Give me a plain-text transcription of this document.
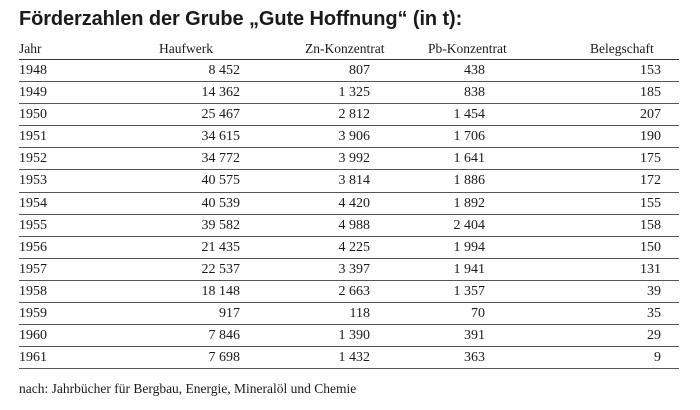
Förderzahlen der Grube „Gute Hoffnung“ (in t):
Jahr	Haufwerk	Zn-Konzentrat	Pb-Konzentrat	Belegschaft
1948	8 452	807	438	153
1949	14 362	1 325	838	185
1950	25 467	2 812	1 454	207
1951	34 615	3 906	1 706	190
1952	34 772	3 992	1 641	175
1953	40 575	3 814	1 886	172
1954	40 539	4 420	1 892	155
1955	39 582	4 988	2 404	158
1956	21 435	4 225	1 994	150
1957	22 537	3 397	1 941	131
1958	18 148	2 663	1 357	39
1959	917	118	70	35
1960	7 846	1 390	391	29
1961	7 698	1 432	363	9
nach: Jahrbücher für Bergbau, Energie, Mineralöl und Chemie
